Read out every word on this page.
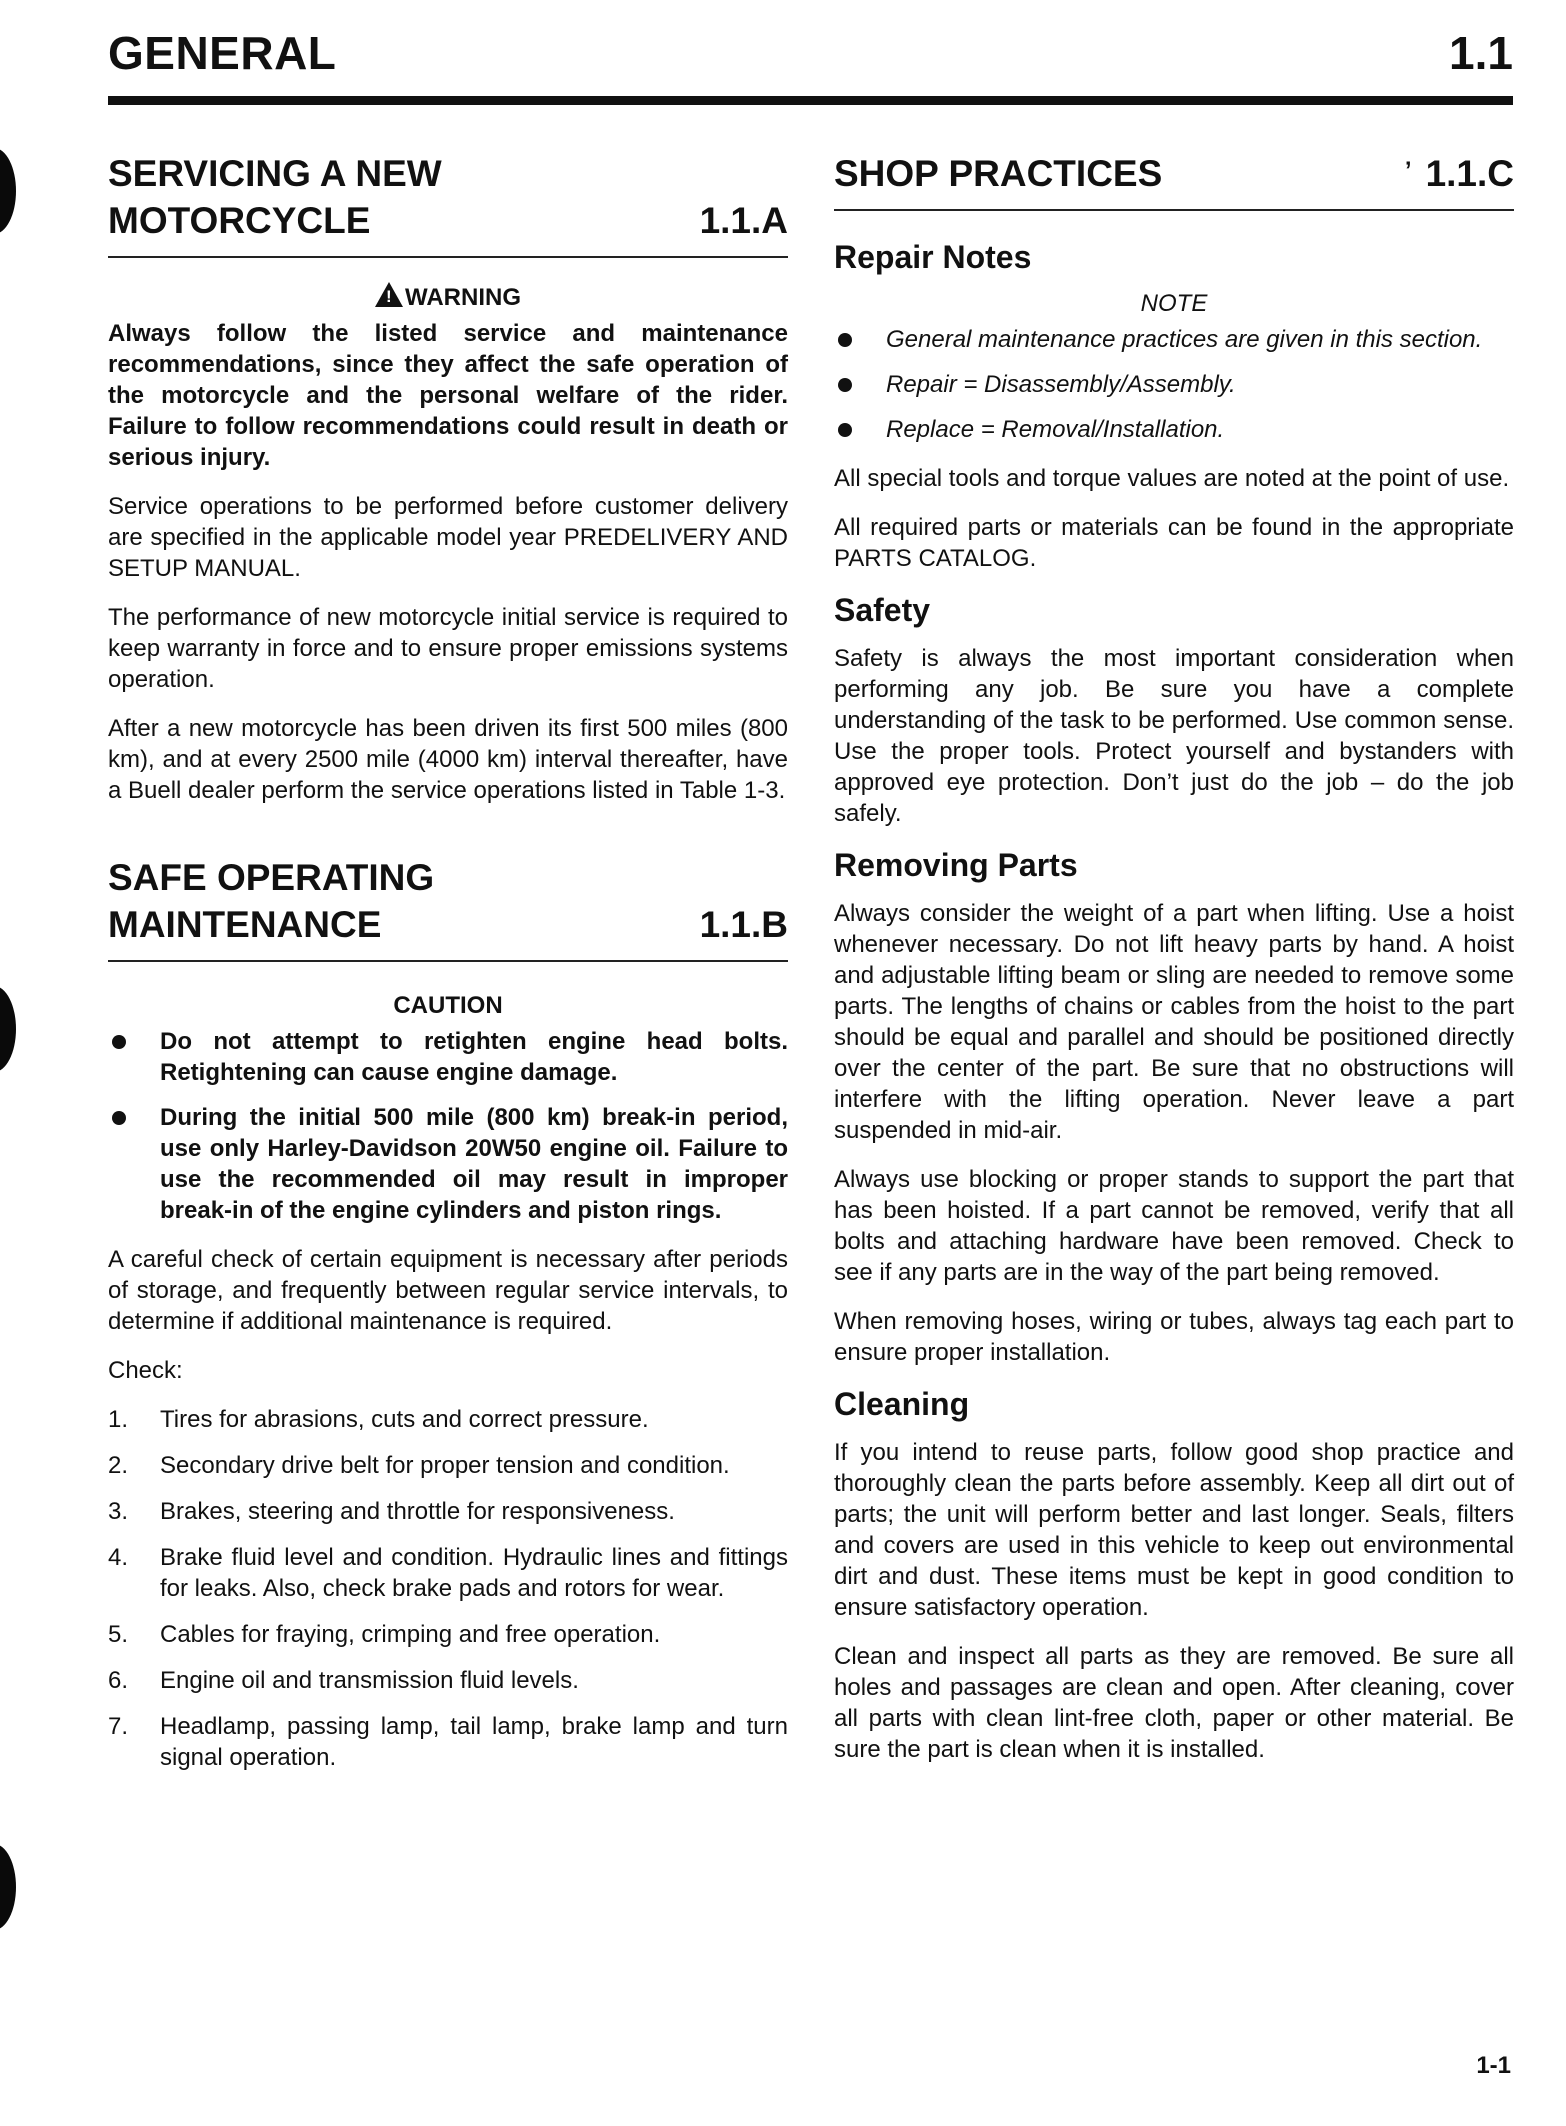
GENERAL	1.1
SERVICING A NEW
MOTORCYCLE	1.1.A
!WARNING

Always follow the listed service and maintenance recommendations, since they affect the safe operation of the motorcycle and the personal welfare of the rider. Failure to follow recommendations could result in death or serious injury.

Service operations to be performed before customer delivery are specified in the applicable model year PREDELIVERY AND SETUP MANUAL.

The performance of new motorcycle initial service is required to keep warranty in force and to ensure proper emissions systems operation.

After a new motorcycle has been driven its first 500 miles (800 km), and at every 2500 mile (4000 km) interval thereafter, have a Buell dealer perform the service operations listed in Table 1-3.

SAFE OPERATING
MAINTENANCE	1.1.B
CAUTION
Do not attempt to retighten engine head bolts. Retightening can cause engine damage.
During the initial 500 mile (800 km) break-in period, use only Harley-Davidson 20W50 engine oil. Failure to use the recommended oil may result in improper break-in of the engine cylinders and piston rings.

A careful check of certain equipment is necessary after periods of storage, and frequently between regular service intervals, to determine if additional maintenance is required.

Check:

1. Tires for abrasions, cuts and correct pressure.
2. Secondary drive belt for proper tension and condition.
3. Brakes, steering and throttle for responsiveness.
4. Brake fluid level and condition. Hydraulic lines and fittings for leaks. Also, check brake pads and rotors for wear.
5. Cables for fraying, crimping and free operation.
6. Engine oil and transmission fluid levels.
7. Headlamp, passing lamp, tail lamp, brake lamp and turn signal operation.
SHOP PRACTICES	’ 1.1.C
Repair Notes
NOTE
General maintenance practices are given in this section.
Repair = Disassembly/Assembly.
Replace = Removal/Installation.

All special tools and torque values are noted at the point of use.

All required parts or materials can be found in the appropriate PARTS CATALOG.

Safety

Safety is always the most important consideration when performing any job. Be sure you have a complete understanding of the task to be performed. Use common sense. Use the proper tools. Protect yourself and bystanders with approved eye protection. Don’t just do the job – do the job safely.

Removing Parts

Always consider the weight of a part when lifting. Use a hoist whenever necessary. Do not lift heavy parts by hand. A hoist and adjustable lifting beam or sling are needed to remove some parts. The lengths of chains or cables from the hoist to the part should be equal and parallel and should be positioned directly over the center of the part. Be sure that no obstructions will interfere with the lifting operation. Never leave a part suspended in mid-air.

Always use blocking or proper stands to support the part that has been hoisted. If a part cannot be removed, verify that all bolts and attaching hardware have been removed. Check to see if any parts are in the way of the part being removed.

When removing hoses, wiring or tubes, always tag each part to ensure proper installation.

Cleaning

If you intend to reuse parts, follow good shop practice and thoroughly clean the parts before assembly. Keep all dirt out of parts; the unit will perform better and last longer. Seals, filters and covers are used in this vehicle to keep out environmental dirt and dust. These items must be kept in good condition to ensure satisfactory operation.

Clean and inspect all parts as they are removed. Be sure all holes and passages are clean and open. After cleaning, cover all parts with clean lint-free cloth, paper or other material. Be sure the part is clean when it is installed.

1-1
